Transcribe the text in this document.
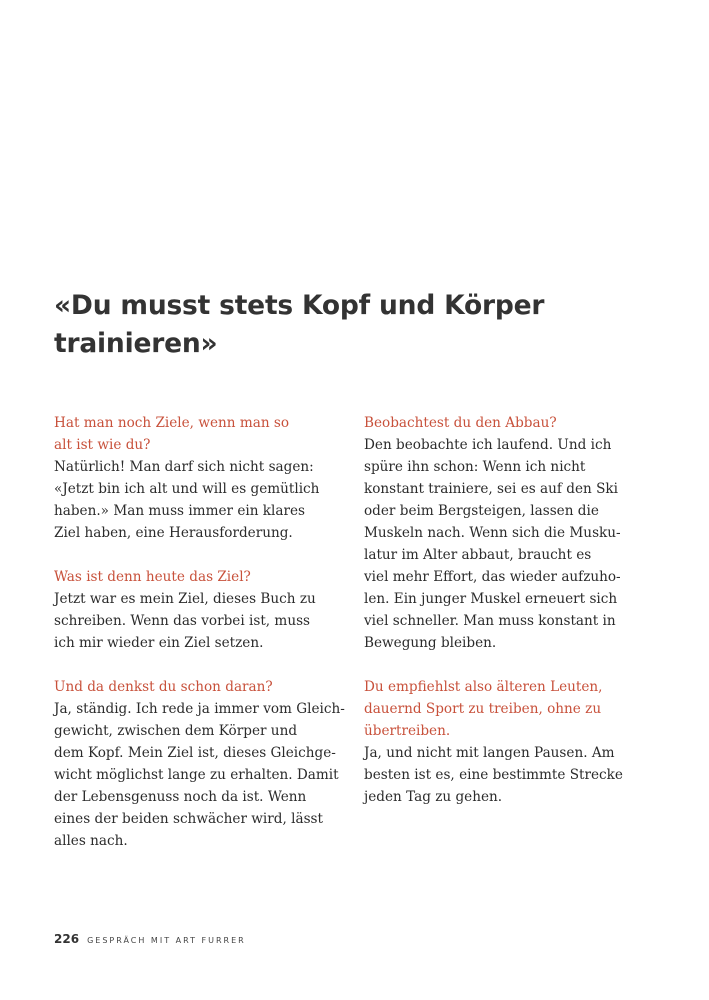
«Du musst stets Kopf und Körper
trainieren»
Hat man noch Ziele, wenn man so
alt ist wie du?
Natürlich! Man darf sich nicht sagen:
«Jetzt bin ich alt und will es gemütlich
haben.» Man muss immer ein klares
Ziel haben, eine Herausforderung.
Was ist denn heute das Ziel?
Jetzt war es mein Ziel, dieses Buch zu
schreiben. Wenn das vorbei ist, muss
ich mir wieder ein Ziel setzen.
Und da denkst du schon daran?
Ja, ständig. Ich rede ja immer vom Gleich-
gewicht, zwischen dem Körper und
dem Kopf. Mein Ziel ist, dieses Gleichge-
wicht möglichst lange zu erhalten. Damit
der Lebensgenuss noch da ist. Wenn
eines der beiden schwächer wird, lässt
alles nach.
Beobachtest du den Abbau?
Den beobachte ich laufend. Und ich
spüre ihn schon: Wenn ich nicht
konstant trainiere, sei es auf den Ski
oder beim Bergsteigen, lassen die
Muskeln nach. Wenn sich die Musku-
latur im Alter abbaut, braucht es
viel mehr Effort, das wieder aufzuho-
len. Ein junger Muskel erneuert sich
viel schneller. Man muss konstant in
Bewegung bleiben.
Du empfiehlst also älteren Leuten,
dauernd Sport zu treiben, ohne zu
übertreiben.
Ja, und nicht mit langen Pausen. Am
besten ist es, eine bestimmte Strecke
jeden Tag zu gehen.
226 GESPRÄCH MIT ART FURRER
